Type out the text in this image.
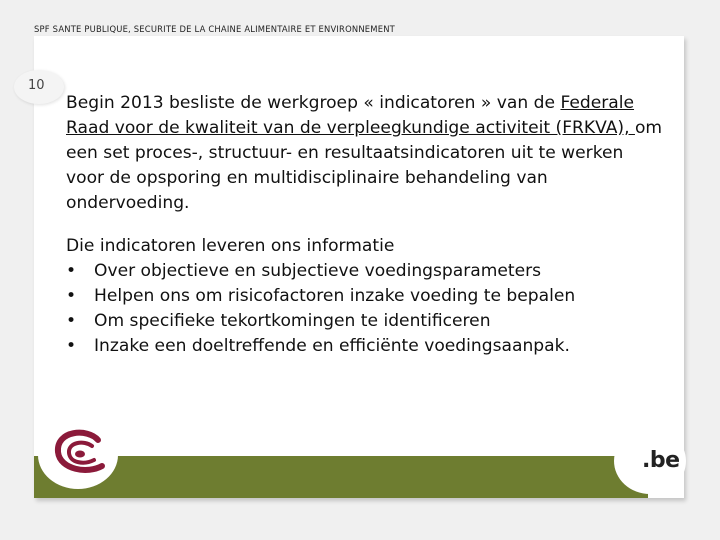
SPF SANTE PUBLIQUE, SECURITE DE LA CHAINE ALIMENTAIRE ET ENVIRONNEMENT
10

Begin 2013 besliste de werkgroep « indicatoren » van de Federale Raad voor de kwaliteit van de verpleegkundige activiteit (FRKVA), om een set proces-, structuur- en resultaatsindicatoren uit te werken voor de opsporing en multidisciplinaire behandeling van ondervoeding.

Die indicatoren leveren ons informatie
•	Over objectieve en subjectieve voedingsparameters
•	Helpen ons om risicofactoren inzake voeding te bepalen
•	Om specifieke tekortkomingen te identificeren
•	Inzake een doeltreffende en efficiënte voedingsaanpak.
.be
